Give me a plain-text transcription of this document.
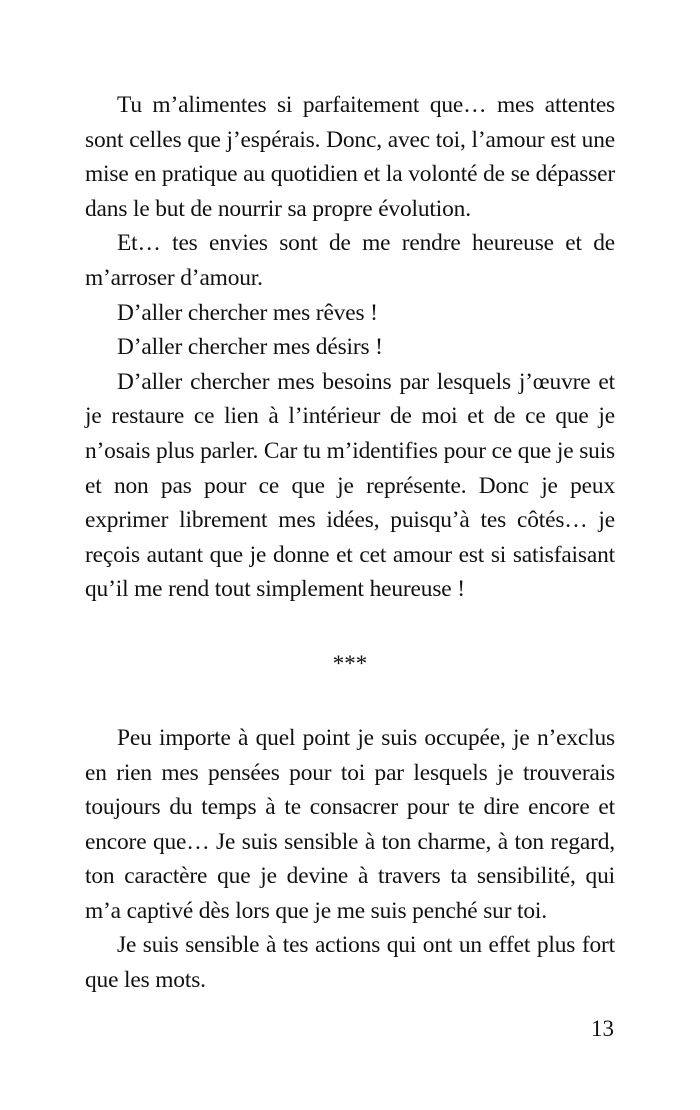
Tu m’alimentes si parfaitement que… mes attentes sont celles que j’espérais. Donc, avec toi, l’amour est une mise en pratique au quotidien et la volonté de se dépasser dans le but de nourrir sa propre évolution.

Et… tes envies sont de me rendre heureuse et de m’arroser d’amour.

D’aller chercher mes rêves !

D’aller chercher mes désirs !

D’aller chercher mes besoins par lesquels j’œuvre et je restaure ce lien à l’intérieur de moi et de ce que je n’osais plus parler. Car tu m’identifies pour ce que je suis et non pas pour ce que je représente. Donc je peux exprimer librement mes idées, puisqu’à tes côtés… je reçois autant que je donne et cet amour est si satisfaisant qu’il me rend tout simplement heureuse !

***

Peu importe à quel point je suis occupée, je n’exclus en rien mes pensées pour toi par lesquels je trouverais toujours du temps à te consacrer pour te dire encore et encore que… Je suis sensible à ton charme, à ton regard, ton caractère que je devine à travers ta sensibilité, qui m’a captivé dès lors que je me suis penché sur toi.

Je suis sensible à tes actions qui ont un effet plus fort que les mots.

13
